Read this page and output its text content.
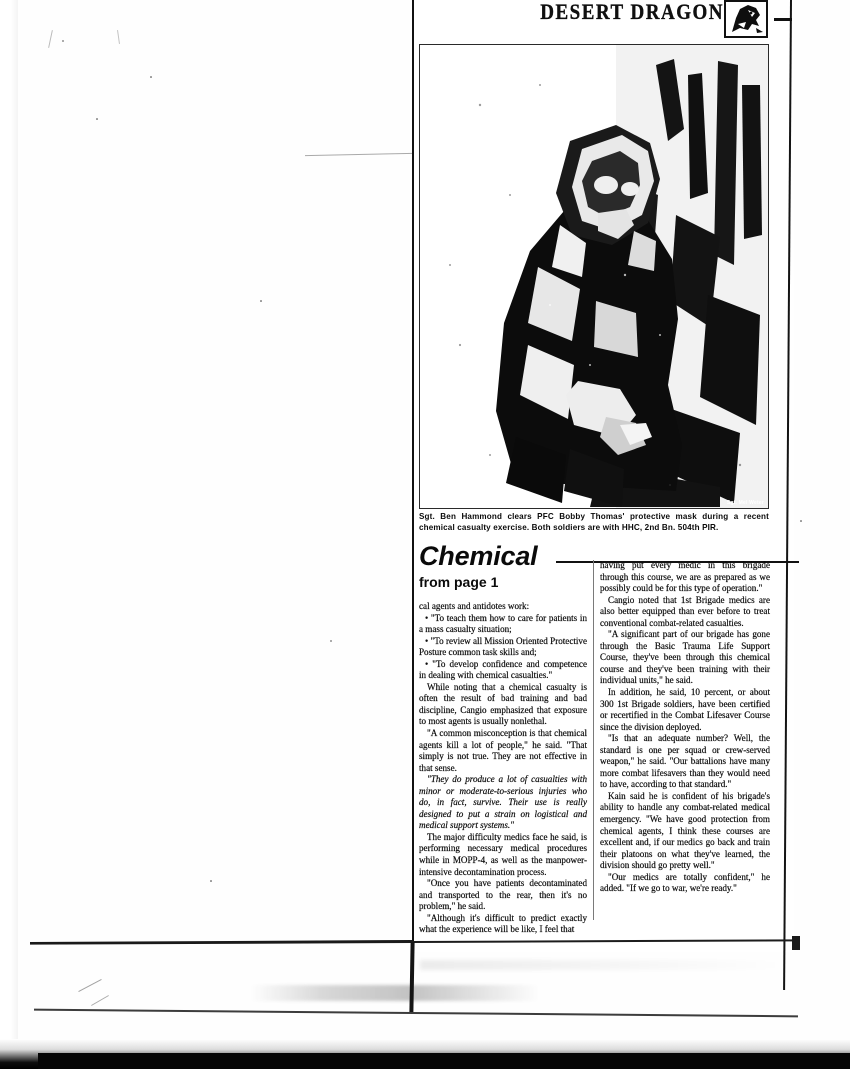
DESERT DRAGON
Sgt. Mel Weter
Sgt. Ben Hammond clears PFC Bobby Thomas' protective mask during a recent chemical casualty exercise. Both soldiers are with HHC, 2nd Bn. 504th PIR.
Chemical
from page 1

cal agents and antidotes work:

• "To teach them how to care for patients in a mass casualty situation;

• "To review all Mission Oriented Protective Posture common task skills and;

• "To develop confidence and competence in dealing with chemical casualties."

While noting that a chemical casualty is often the result of bad training and bad discipline, Cangio emphasized that exposure to most agents is usually nonlethal.

"A common misconception is that chemical agents kill a lot of people," he said. "That simply is not true. They are not effective in that sense.

"They do produce a lot of casualties with minor or moderate-to-serious injuries who do, in fact, survive. Their use is really designed to put a strain on logistical and medical support systems."

The major difficulty medics face he said, is performing necessary medical procedures while in MOPP-4, as well as the manpower-intensive decontamination process.

"Once you have patients decontaminated and transported to the rear, then it's no problem," he said.

"Although it's difficult to predict exactly what the experience will be like, I feel that

having put every medic in this brigade through this course, we are as prepared as we possibly could be for this type of operation."

Cangio noted that 1st Brigade medics are also better equipped than ever before to treat conventional combat-related casualties.

"A significant part of our brigade has gone through the Basic Trauma Life Support Course, they've been through this chemical course and they've been training with their individual units," he said.

In addition, he said, 10 percent, or about 300 1st Brigade soldiers, have been certified or recertified in the Combat Lifesaver Course since the division deployed.

"Is that an adequate number? Well, the standard is one per squad or crew-served weapon," he said. "Our battalions have many more combat lifesavers than they would need to have, according to that standard."

Kain said he is confident of his brigade's ability to handle any combat-related medical emergency. "We have good protection from chemical agents, I think these courses are excellent and, if our medics go back and train their platoons on what they've learned, the division should go pretty well."

"Our medics are totally confident," he added. "If we go to war, we're ready."
